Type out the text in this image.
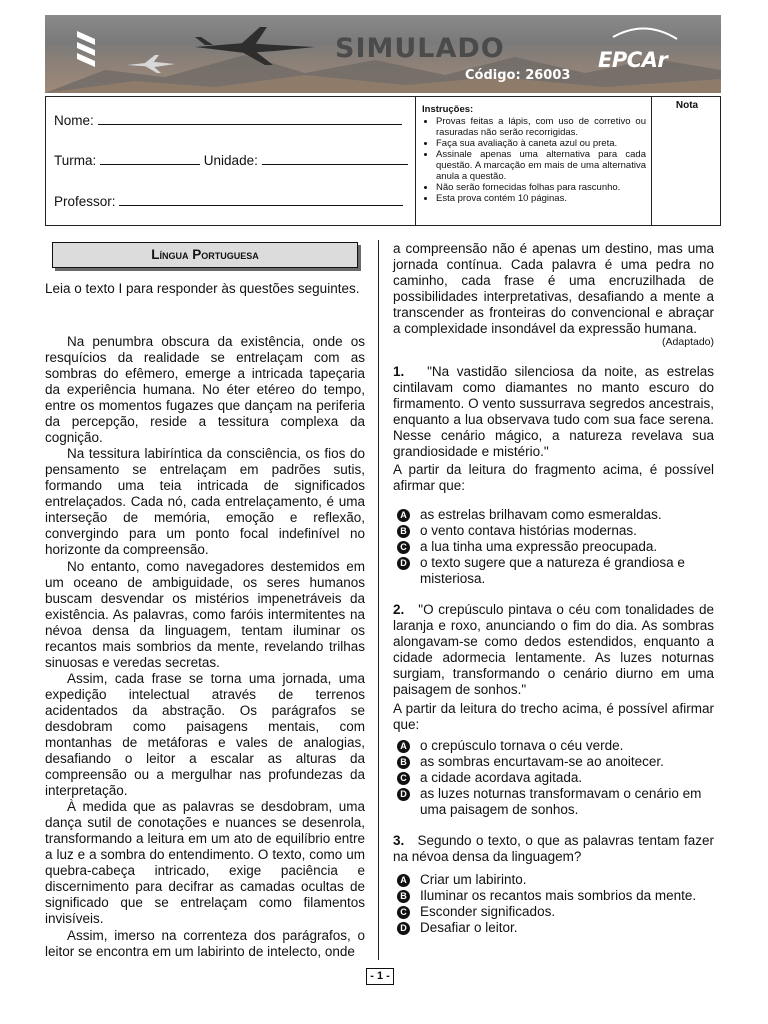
SIMULADO
Código: 26003
EPCAr
Nome:
Turma:	Unidade:
Professor:
Instruções:
• Provas feitas a lápis, com uso de corretivo ou rasuradas não serão recorrigidas.
• Faça sua avaliação à caneta azul ou preta.
• Assinale apenas uma alternativa para cada questão. A marcação em mais de uma alternativa anula a questão.
• Não serão fornecidas folhas para rascunho.
• Esta prova contém 10 páginas.
Nota
Língua Portuguesa

Leia o texto I para responder às questões seguintes.

Na penumbra obscura da existência, onde os resquícios da realidade se entrelaçam com as sombras do efêmero, emerge a intricada tapeçaria da experiência humana. No éter etéreo do tempo, entre os momentos fugazes que dançam na periferia da percepção, reside a tessitura complexa da cognição.

Na tessitura labiríntica da consciência, os fios do pensamento se entrelaçam em padrões sutis, formando uma teia intricada de significados entrelaçados. Cada nó, cada entrelaçamento, é uma interseção de memória, emoção e reflexão, convergindo para um ponto focal indefinível no horizonte da compreensão.

No entanto, como navegadores destemidos em um oceano de ambiguidade, os seres humanos buscam desvendar os mistérios impenetráveis da existência. As palavras, como faróis intermitentes na névoa densa da linguagem, tentam iluminar os recantos mais sombrios da mente, revelando trilhas sinuosas e veredas secretas.

Assim, cada frase se torna uma jornada, uma expedição intelectual através de terrenos acidentados da abstração. Os parágrafos se desdobram como paisagens mentais, com montanhas de metáforas e vales de analogias, desafiando o leitor a escalar as alturas da compreensão ou a mergulhar nas profundezas da interpretação.

À medida que as palavras se desdobram, uma dança sutil de conotações e nuances se desenrola, transformando a leitura em um ato de equilíbrio entre a luz e a sombra do entendimento. O texto, como um quebra-cabeça intricado, exige paciência e discernimento para decifrar as camadas ocultas de significado que se entrelaçam como filamentos invisíveis.

Assim, imerso na correnteza dos parágrafos, o leitor se encontra em um labirinto de intelecto, onde

a compreensão não é apenas um destino, mas uma jornada contínua. Cada palavra é uma pedra no caminho, cada frase é uma encruzilhada de possibilidades interpretativas, desafiando a mente a transcender as fronteiras do convencional e abraçar a complexidade insondável da expressão humana.

(Adaptado)

1. "Na vastidão silenciosa da noite, as estrelas cintilavam como diamantes no manto escuro do firmamento. O vento sussurrava segredos ancestrais, enquanto a lua observava tudo com sua face serena. Nesse cenário mágico, a natureza revelava sua grandiosidade e mistério."

A partir da leitura do fragmento acima, é possível afirmar que:

A as estrelas brilhavam como esmeraldas.
B o vento contava histórias modernas.
C a lua tinha uma expressão preocupada.
D o texto sugere que a natureza é grandiosa e misteriosa.

2. "O crepúsculo pintava o céu com tonalidades de laranja e roxo, anunciando o fim do dia. As sombras alongavam-se como dedos estendidos, enquanto a cidade adormecia lentamente. As luzes noturnas surgiam, transformando o cenário diurno em uma paisagem de sonhos."

A partir da leitura do trecho acima, é possível afirmar que:

A o crepúsculo tornava o céu verde.
B as sombras encurtavam-se ao anoitecer.
C a cidade acordava agitada.
D as luzes noturnas transformavam o cenário em uma paisagem de sonhos.

3. Segundo o texto, o que as palavras tentam fazer na névoa densa da linguagem?

A Criar um labirinto.
B Iluminar os recantos mais sombrios da mente.
C Esconder significados.
D Desafiar o leitor.
- 1 -
